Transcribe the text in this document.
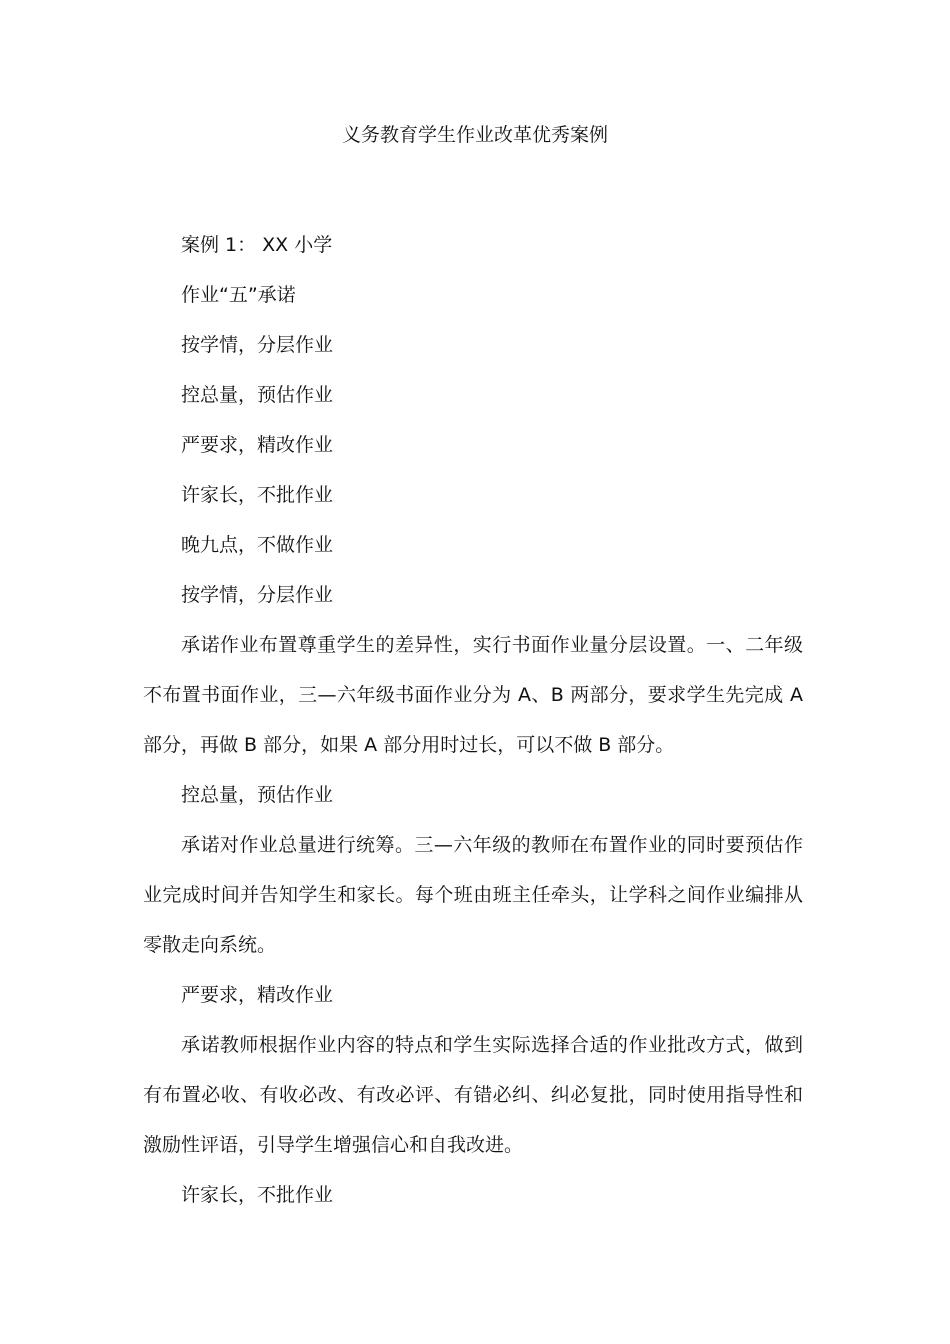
义务教育学生作业改革优秀案例

案例 1： XX 小学

作业“五”承诺

按学情，分层作业

控总量，预估作业

严要求，精改作业

许家长，不批作业

晚九点，不做作业

按学情，分层作业

承诺作业布置尊重学生的差异性，实行书面作业量分层设置。一、二年级不布置书面作业，三—六年级书面作业分为 A、B 两部分，要求学生先完成 A 部分，再做 B 部分，如果 A 部分用时过长，可以不做 B 部分。

控总量，预估作业

承诺对作业总量进行统筹。三—六年级的教师在布置作业的同时要预估作业完成时间并告知学生和家长。每个班由班主任牵头，让学科之间作业编排从零散走向系统。

严要求，精改作业

承诺教师根据作业内容的特点和学生实际选择合适的作业批改方式，做到有布置必收、有收必改、有改必评、有错必纠、纠必复批，同时使用指导性和激励性评语，引导学生增强信心和自我改进。

许家长，不批作业
